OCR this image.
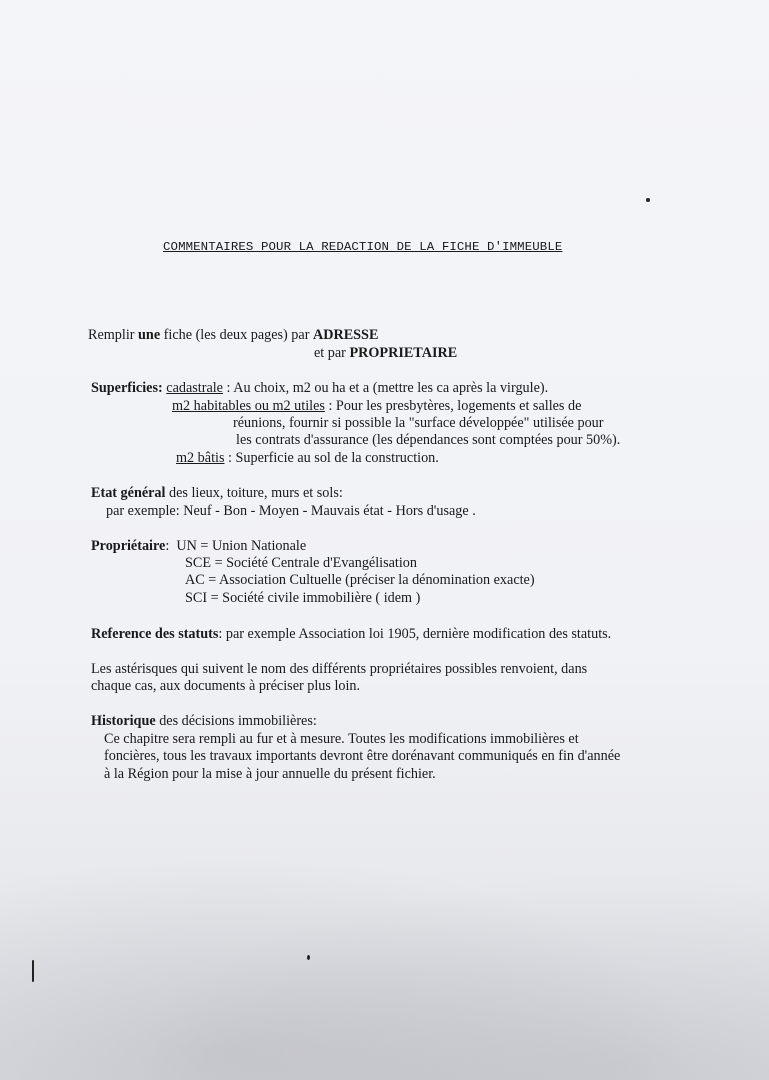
COMMENTAIRES POUR LA REDACTION DE LA FICHE D'IMMEUBLE
Remplir une fiche (les deux pages) par ADRESSE
et par PROPRIETAIRE
Superficies: cadastrale : Au choix, m2 ou ha et a (mettre les ca après la virgule).
m2 habitables ou m2 utiles : Pour les presbytères, logements et salles de
réunions, fournir si possible la "surface développée" utilisée pour
les contrats d'assurance (les dépendances sont comptées pour 50%).
m2 bâtis : Superficie au sol de la construction.
Etat général des lieux, toiture, murs et sols:
par exemple: Neuf - Bon - Moyen - Mauvais état - Hors d'usage .
Propriétaire:  UN = Union Nationale
SCE = Société Centrale d'Evangélisation
AC = Association Cultuelle (préciser la dénomination exacte)
SCI = Société civile immobilière ( idem )
Reference des statuts: par exemple Association loi 1905, dernière modification des statuts.
Les astérisques qui suivent le nom des différents propriétaires possibles renvoient, dans
chaque cas, aux documents à préciser plus loin.
Historique des décisions immobilières:
Ce chapitre sera rempli au fur et à mesure. Toutes les modifications immobilières et
foncières, tous les travaux importants devront être dorénavant communiqués en fin d'année
à la Région pour la mise à jour annuelle du présent fichier.
